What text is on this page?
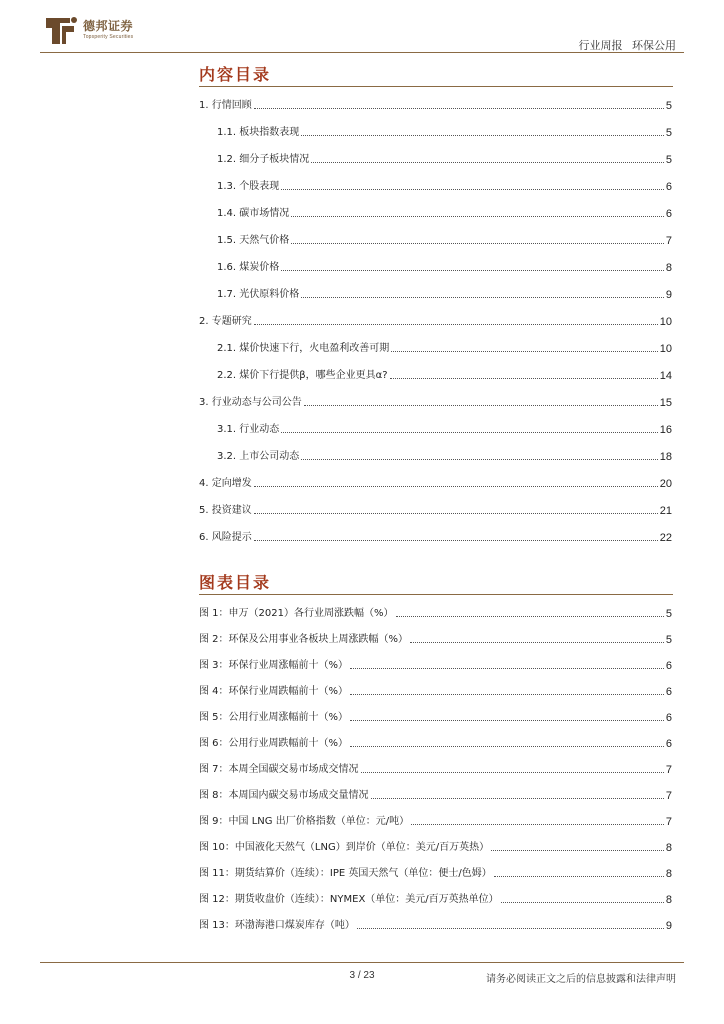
德邦证券
Topsperity Securities
行业周报 环保公用
内容目录
1. 行情回顾	5
1.1. 板块指数表现	5
1.2. 细分子板块情况	5
1.3. 个股表现	6
1.4. 碳市场情况	6
1.5. 天然气价格	7
1.6. 煤炭价格	8
1.7. 光伏原料价格	9
2. 专题研究	10
2.1. 煤价快速下行，火电盈利改善可期	10
2.2. 煤价下行提供β，哪些企业更具α?	14
3. 行业动态与公司公告	15
3.1. 行业动态	16
3.2. 上市公司动态	18
4. 定向增发	20
5. 投资建议	21
6. 风险提示	22
图表目录
图 1：申万（2021）各行业周涨跌幅（%）	5
图 2：环保及公用事业各板块上周涨跌幅（%）	5
图 3：环保行业周涨幅前十（%）	6
图 4：环保行业周跌幅前十（%）	6
图 5：公用行业周涨幅前十（%）	6
图 6：公用行业周跌幅前十（%）	6
图 7：本周全国碳交易市场成交情况	7
图 8：本周国内碳交易市场成交量情况	7
图 9：中国 LNG 出厂价格指数（单位：元/吨）	7
图 10：中国液化天然气（LNG）到岸价（单位：美元/百万英热）	8
图 11：期货结算价（连续）：IPE 英国天然气（单位：便士/色姆）	8
图 12：期货收盘价（连续）：NYMEX（单位：美元/百万英热单位）	8
图 13：环渤海港口煤炭库存（吨）	9
3 / 23	请务必阅读正文之后的信息披露和法律声明
